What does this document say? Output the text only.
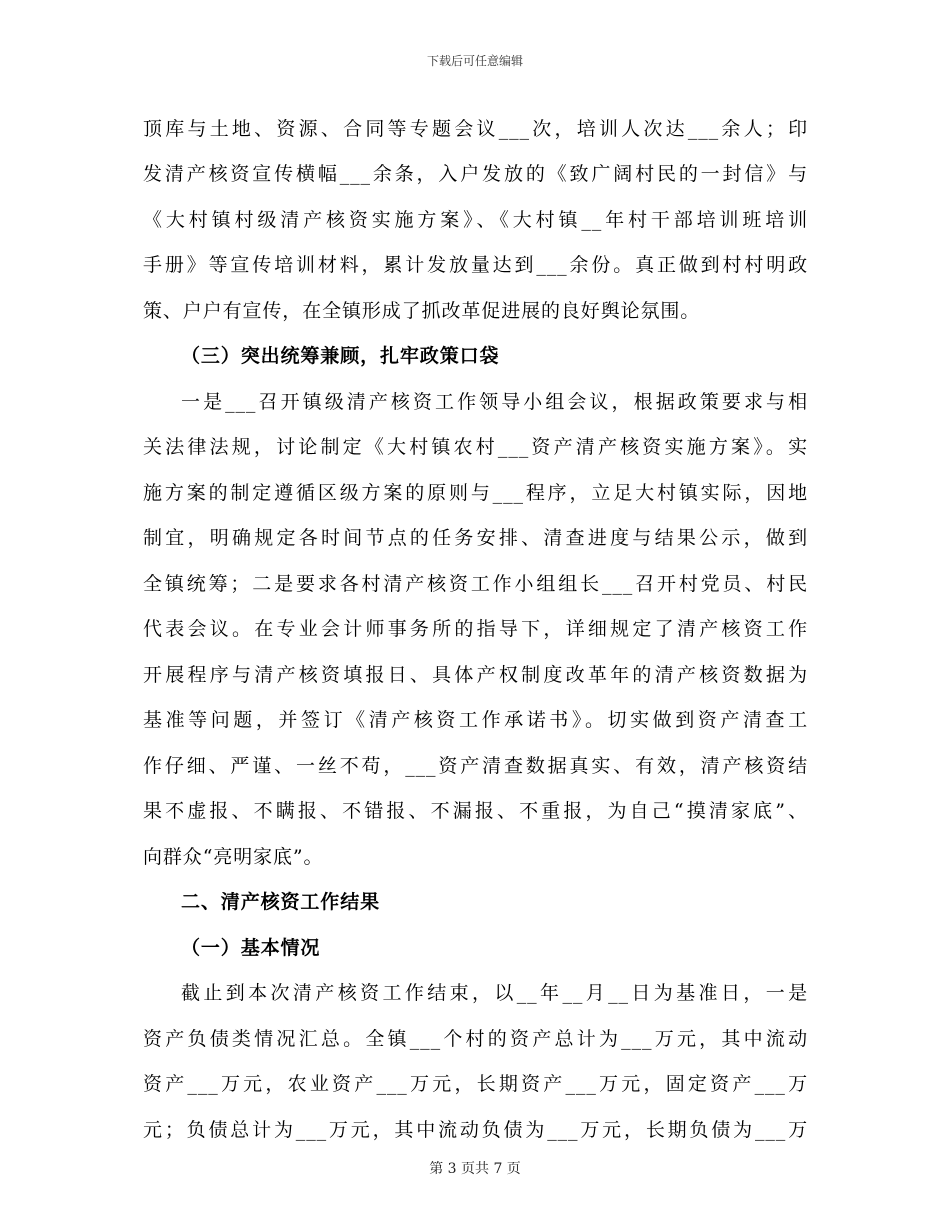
下载后可任意编辑
顶库与土地、资源、合同等专题会议___次，培训人次达___余人；印
发清产核资宣传横幅___余条，入户发放的《致广阔村民的一封信》与
《大村镇村级清产核资实施方案》、《大村镇__年村干部培训班培训
手册》等宣传培训材料，累计发放量达到___余份。真正做到村村明政
策、户户有宣传，在全镇形成了抓改革促进展的良好舆论氛围。
（三）突出统筹兼顾，扎牢政策口袋
一是___召开镇级清产核资工作领导小组会议，根据政策要求与相
关法律法规，讨论制定《大村镇农村___资产清产核资实施方案》。实
施方案的制定遵循区级方案的原则与___程序，立足大村镇实际，因地
制宜，明确规定各时间节点的任务安排、清查进度与结果公示，做到
全镇统筹；二是要求各村清产核资工作小组组长___召开村党员、村民
代表会议。在专业会计师事务所的指导下，详细规定了清产核资工作
开展程序与清产核资填报日、具体产权制度改革年的清产核资数据为
基准等问题，并签订《清产核资工作承诺书》。切实做到资产清查工
作仔细、严谨、一丝不苟，___资产清查数据真实、有效，清产核资结
果不虚报、不瞒报、不错报、不漏报、不重报，为自己“摸清家底”、
向群众“亮明家底”。
二、清产核资工作结果
（一）基本情况
截止到本次清产核资工作结束，以__年__月__日为基准日，一是
资产负债类情况汇总。全镇___个村的资产总计为___万元，其中流动
资产___万元，农业资产___万元，长期资产___万元，固定资产___万
元；负债总计为___万元，其中流动负债为___万元，长期负债为___万
第 3 页共 7 页
